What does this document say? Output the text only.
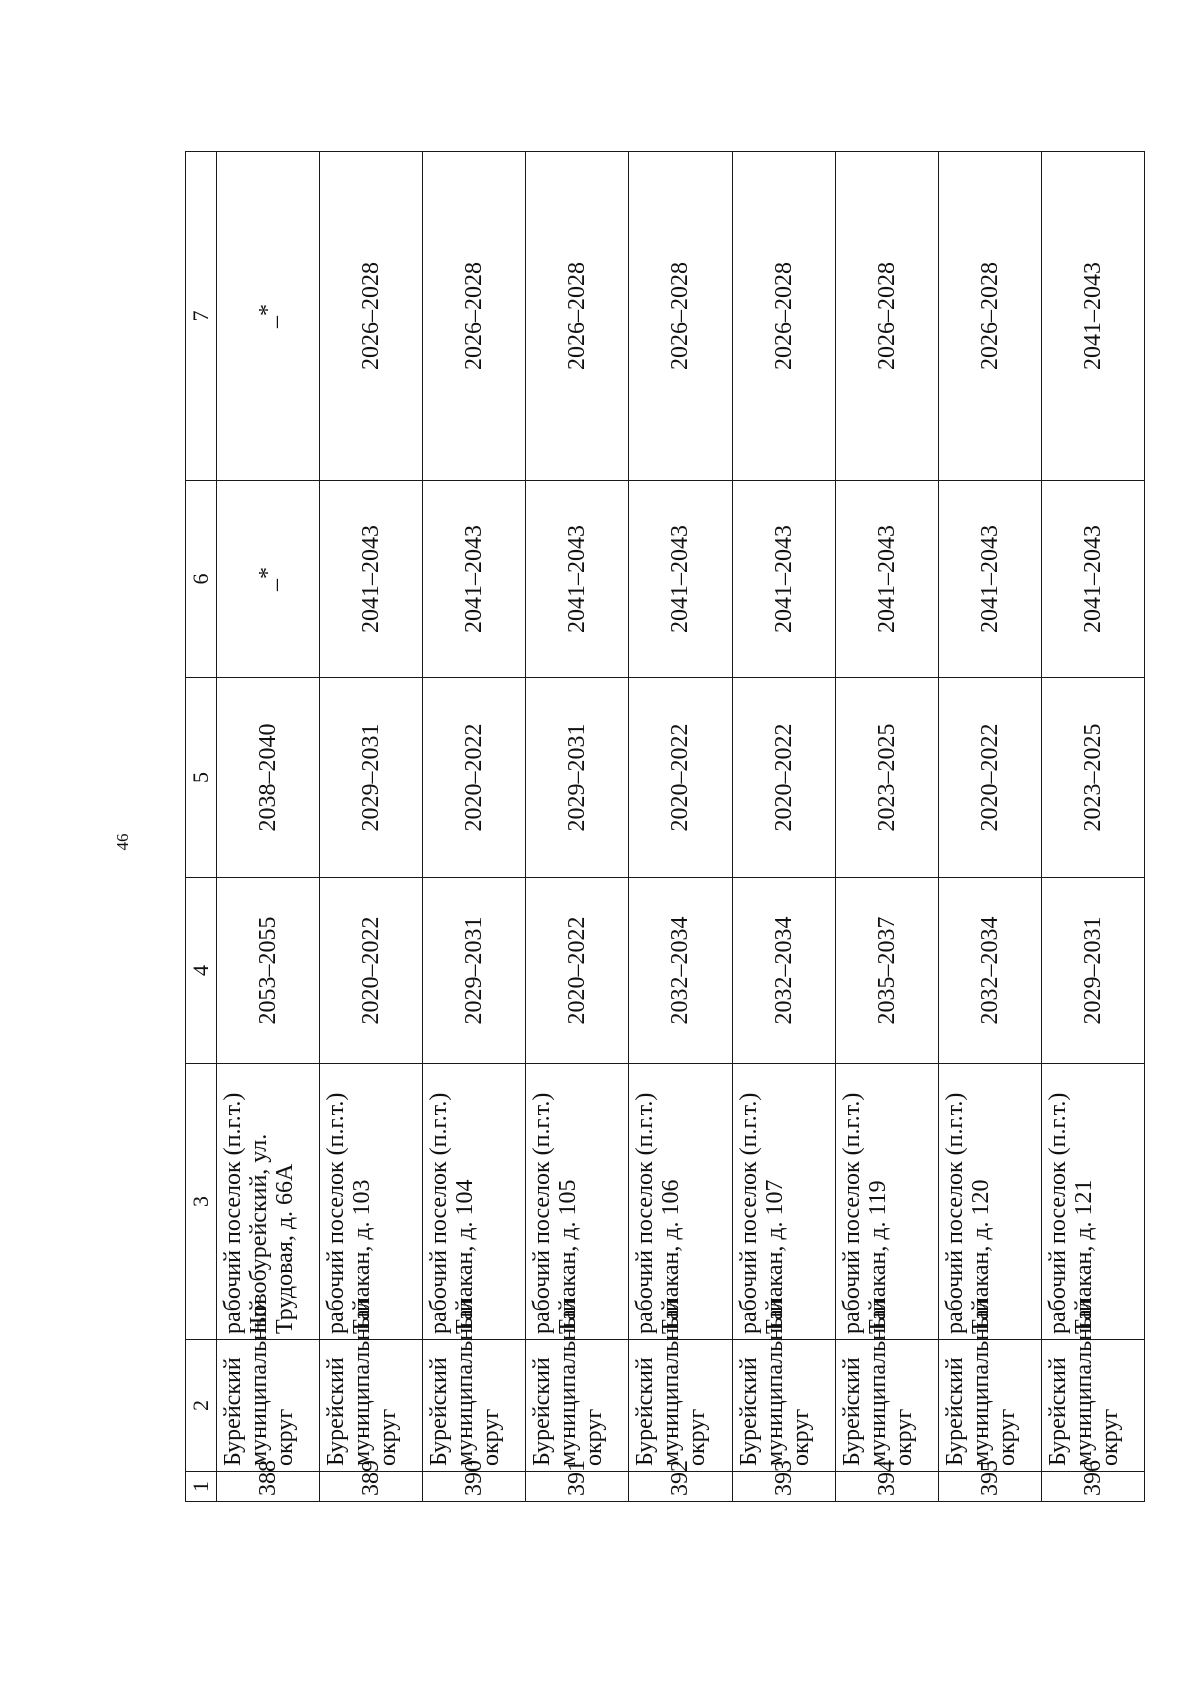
46
1	2	3	4	5	6	7
388	Бурейский муниципальный округ	рабочий поселок (п.г.т.) Новобурейский, ул. Трудовая, д. 66А	2053–2055	2038–2040	_*	_*
389	Бурейский муниципальный округ	рабочий поселок (п.г.т.) Талакан, д. 103	2020–2022	2029–2031	2041–2043	2026–2028
390	Бурейский муниципальный округ	рабочий поселок (п.г.т.) Талакан, д. 104	2029–2031	2020–2022	2041–2043	2026–2028
391	Бурейский муниципальный округ	рабочий поселок (п.г.т.) Талакан, д. 105	2020–2022	2029–2031	2041–2043	2026–2028
392	Бурейский муниципальный округ	рабочий поселок (п.г.т.) Талакан, д. 106	2032–2034	2020–2022	2041–2043	2026–2028
393	Бурейский муниципальный округ	рабочий поселок (п.г.т.) Талакан, д. 107	2032–2034	2020–2022	2041–2043	2026–2028
394	Бурейский муниципальный округ	рабочий поселок (п.г.т.) Талакан, д. 119	2035–2037	2023–2025	2041–2043	2026–2028
395	Бурейский муниципальный округ	рабочий поселок (п.г.т.) Талакан, д. 120	2032–2034	2020–2022	2041–2043	2026–2028
396	Бурейский муниципальный округ	рабочий поселок (п.г.т.) Талакан, д. 121	2029–2031	2023–2025	2041–2043	2041–2043
